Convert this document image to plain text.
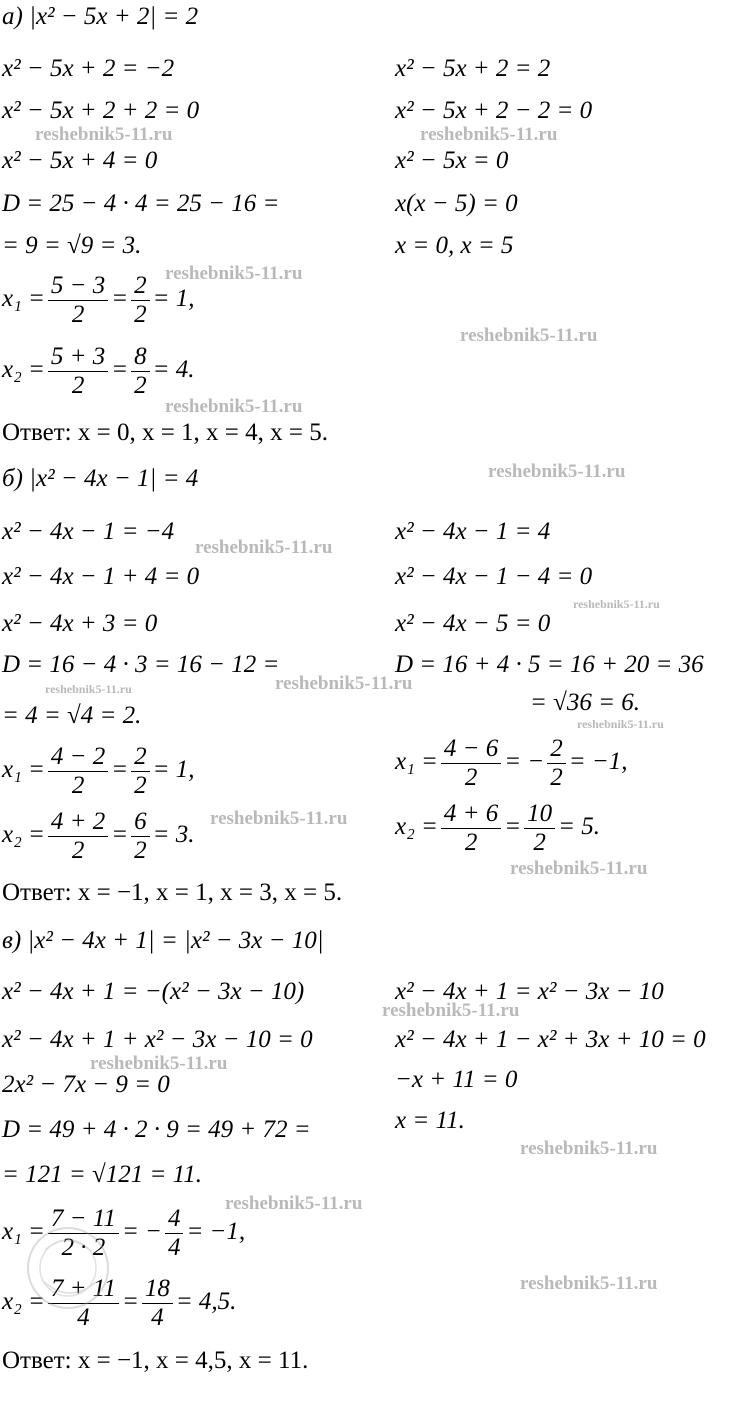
а) |x² − 5x + 2| = 2
x² − 5x + 2 = −2
x² − 5x + 2 + 2 = 0
x² − 5x + 4 = 0
D = 25 − 4 · 4 = 25 − 16 =
= 9 = √9 = 3.
$x_1 = \frac{5 - 3}{2} = \frac{2}{2} = 1$,
$x_2 = \frac{5 + 3}{2} = \frac{8}{2} = 4$.
Ответ: x = 0, x = 1, x = 4, x = 5.
x² − 5x + 2 = 2
x² − 5x + 2 − 2 = 0
x² − 5x = 0
x(x − 5) = 0
x = 0, x = 5
б) |x² − 4x − 1| = 4
x² − 4x − 1 = −4
x² − 4x − 1 + 4 = 0
x² − 4x + 3 = 0
D = 16 − 4 · 3 = 16 − 12 =
= 4 = √4 = 2.
$x_1 = \frac{4 - 2}{2} = \frac{2}{2} = 1$,
$x_2 = \frac{4 + 2}{2} = \frac{6}{2} = 3$.
Ответ: x = −1, x = 1, x = 3, x = 5.
x² − 4x − 1 = 4
x² − 4x − 1 − 4 = 0
x² − 4x − 5 = 0
D = 16 + 4 · 5 = 16 + 20 = 36
= √36 = 6.
$x_1 = \frac{4 - 6}{2}$ = − $\frac{2}{2} = -1$,
$x_2 = \frac{4 + 6}{2} = \frac{10}{2} = 5$.
в) |x² − 4x + 1| = |x² − 3x − 10|
x² − 4x + 1 = −(x² − 3x − 10)
x² − 4x + 1 + x² − 3x − 10 = 0
2x² − 7x − 9 = 0
D = 49 + 4 · 2 · 9 = 49 + 72 =
= 121 = √121 = 11.
$x_1 = \frac{7 - 11}{2 \cdot 2}$ = − $\frac{4}{4} = -1$,
$x_2 = \frac{7 + 11}{4} = \frac{18}{4} = 4,5$.
Ответ: x = −1, x = 4,5, x = 11.
x² − 4x + 1 = x² − 3x − 10
x² − 4x + 1 − x² + 3x + 10 = 0
−x + 11 = 0
x = 11.
reshebnik5-11.ru	reshebnik5-11.ru
reshebnik5-11.ru
reshebnik5-11.ru
reshebnik5-11.ru
reshebnik5-11.ru
reshebnik5-11.ru
reshebnik5-11.ru
reshebnik5-11.ru	reshebnik5-11.ru
reshebnik5-11.ru
reshebnik5-11.ru
reshebnik5-11.ru
reshebnik5-11.ru
reshebnik5-11.ru
reshebnik5-11.ru
reshebnik5-11.ru
reshebnik5-11.ru
